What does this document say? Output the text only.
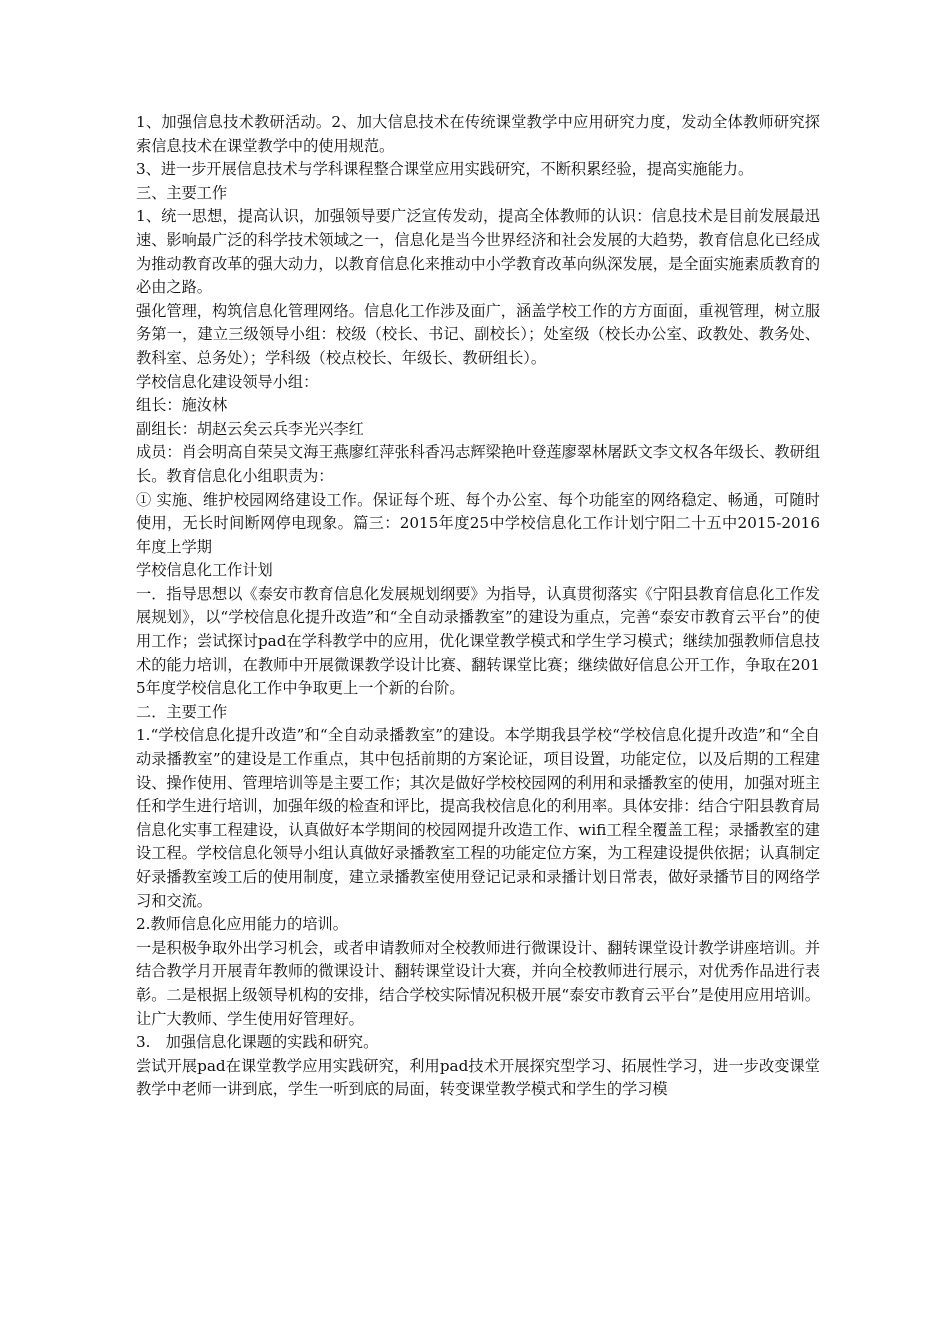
1、加强信息技术教研活动。2、加大信息技术在传统课堂教学中应用研究力度，发动全体教师研究探索信息技术在课堂教学中的使用规范。

3、进一步开展信息技术与学科课程整合课堂应用实践研究，不断积累经验，提高实施能力。

三、主要工作

1、统一思想，提高认识，加强领导要广泛宣传发动，提高全体教师的认识：信息技术是目前发展最迅速、影响最广泛的科学技术领域之一，信息化是当今世界经济和社会发展的大趋势，教育信息化已经成为推动教育改革的强大动力，以教育信息化来推动中小学教育改革向纵深发展，是全面实施素质教育的必由之路。

强化管理，构筑信息化管理网络。信息化工作涉及面广，涵盖学校工作的方方面面，重视管理，树立服务第一，建立三级领导小组：校级（校长、书记、副校长）；处室级（校长办公室、政教处、教务处、教科室、总务处）；学科级（校点校长、年级长、教研组长）。

学校信息化建设领导小组：

组长：施汝林

副组长：胡赵云矣云兵李光兴李红

成员：肖会明高自荣吴文海王燕廖红萍张科香冯志辉梁艳叶登莲廖翠林屠跃文李文权各年级长、教研组长。教育信息化小组职责为：

① 实施、维护校园网络建设工作。保证每个班、每个办公室、每个功能室的网络稳定、畅通，可随时使用，无长时间断网停电现象。篇三：2015年度25中学校信息化工作计划宁阳二十五中2015-2016年度上学期

学校信息化工作计划

一．指导思想以《泰安市教育信息化发展规划纲要》为指导，认真贯彻落实《宁阳县教育信息化工作发展规划》，以“学校信息化提升改造”和“全自动录播教室”的建设为重点，完善“泰安市教育云平台”的使用工作；尝试探讨pad在学科教学中的应用，优化课堂教学模式和学生学习模式；继续加强教师信息技术的能力培训，在教师中开展微课教学设计比赛、翻转课堂比赛；继续做好信息公开工作，争取在2015年度学校信息化工作中争取更上一个新的台阶。

二．主要工作

1.“学校信息化提升改造”和“全自动录播教室”的建设。本学期我县学校“学校信息化提升改造”和“全自动录播教室”的建设是工作重点，其中包括前期的方案论证，项目设置，功能定位，以及后期的工程建设、操作使用、管理培训等是主要工作；其次是做好学校校园网的利用和录播教室的使用，加强对班主任和学生进行培训，加强年级的检查和评比，提高我校信息化的利用率。具体安排：结合宁阳县教育局信息化实事工程建设，认真做好本学期间的校园网提升改造工作、wifi工程全覆盖工程；录播教室的建设工程。学校信息化领导小组认真做好录播教室工程的功能定位方案，为工程建设提供依据；认真制定好录播教室竣工后的使用制度，建立录播教室使用登记记录和录播计划日常表，做好录播节目的网络学习和交流。

2.教师信息化应用能力的培训。

一是积极争取外出学习机会，或者申请教师对全校教师进行微课设计、翻转课堂设计教学讲座培训。并结合教学月开展青年教师的微课设计、翻转课堂设计大赛，并向全校教师进行展示，对优秀作品进行表彰。二是根据上级领导机构的安排，结合学校实际情况积极开展“泰安市教育云平台”是使用应用培训。让广大教师、学生使用好管理好。

3.　加强信息化课题的实践和研究。

尝试开展pad在课堂教学应用实践研究，利用pad技术开展探究型学习、拓展性学习，进一步改变课堂教学中老师一讲到底，学生一听到底的局面，转变课堂教学模式和学生的学习模
